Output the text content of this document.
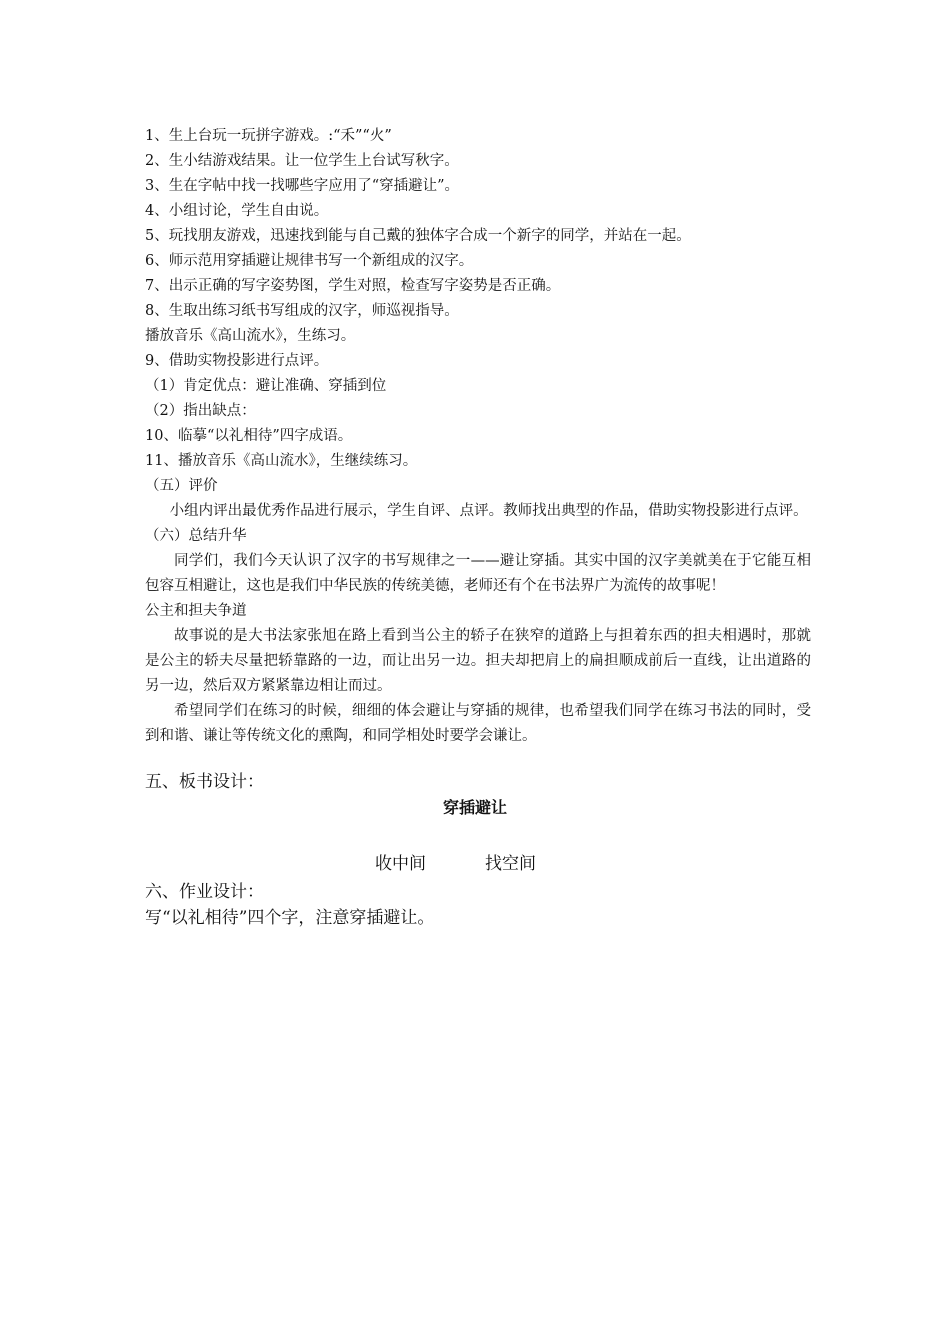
1、生上台玩一玩拼字游戏。:“禾”“火”
2、生小结游戏结果。让一位学生上台试写秋字。
3、生在字帖中找一找哪些字应用了“穿插避让”。
4、小组讨论，学生自由说。
5、玩找朋友游戏，迅速找到能与自己戴的独体字合成一个新字的同学，并站在一起。
6、师示范用穿插避让规律书写一个新组成的汉字。
7、出示正确的写字姿势图，学生对照，检查写字姿势是否正确。
8、生取出练习纸书写组成的汉字，师巡视指导。
播放音乐《高山流水》，生练习。
9、借助实物投影进行点评。
（1）肯定优点：避让准确、穿插到位
（2）指出缺点：
10、临摹“以礼相待”四字成语。
11、播放音乐《高山流水》，生继续练习。
（五）评价
小组内评出最优秀作品进行展示，学生自评、点评。教师找出典型的作品，借助实物投影进行点评。
（六）总结升华
同学们，我们今天认识了汉字的书写规律之一——避让穿插。其实中国的汉字美就美在于它能互相包容互相避让，这也是我们中华民族的传统美德，老师还有个在书法界广为流传的故事呢！
公主和担夫争道
故事说的是大书法家张旭在路上看到当公主的轿子在狭窄的道路上与担着东西的担夫相遇时，那就是公主的轿夫尽量把轿靠路的一边，而让出另一边。担夫却把肩上的扁担顺成前后一直线，让出道路的另一边，然后双方紧紧靠边相让而过。
希望同学们在练习的时候，细细的体会避让与穿插的规律，也希望我们同学在练习书法的同时，受到和谐、谦让等传统文化的熏陶，和同学相处时要学会谦让。
五、板书设计：
穿插避让
收中间	找空间
六、作业设计：
写“以礼相待”四个字，注意穿插避让。
